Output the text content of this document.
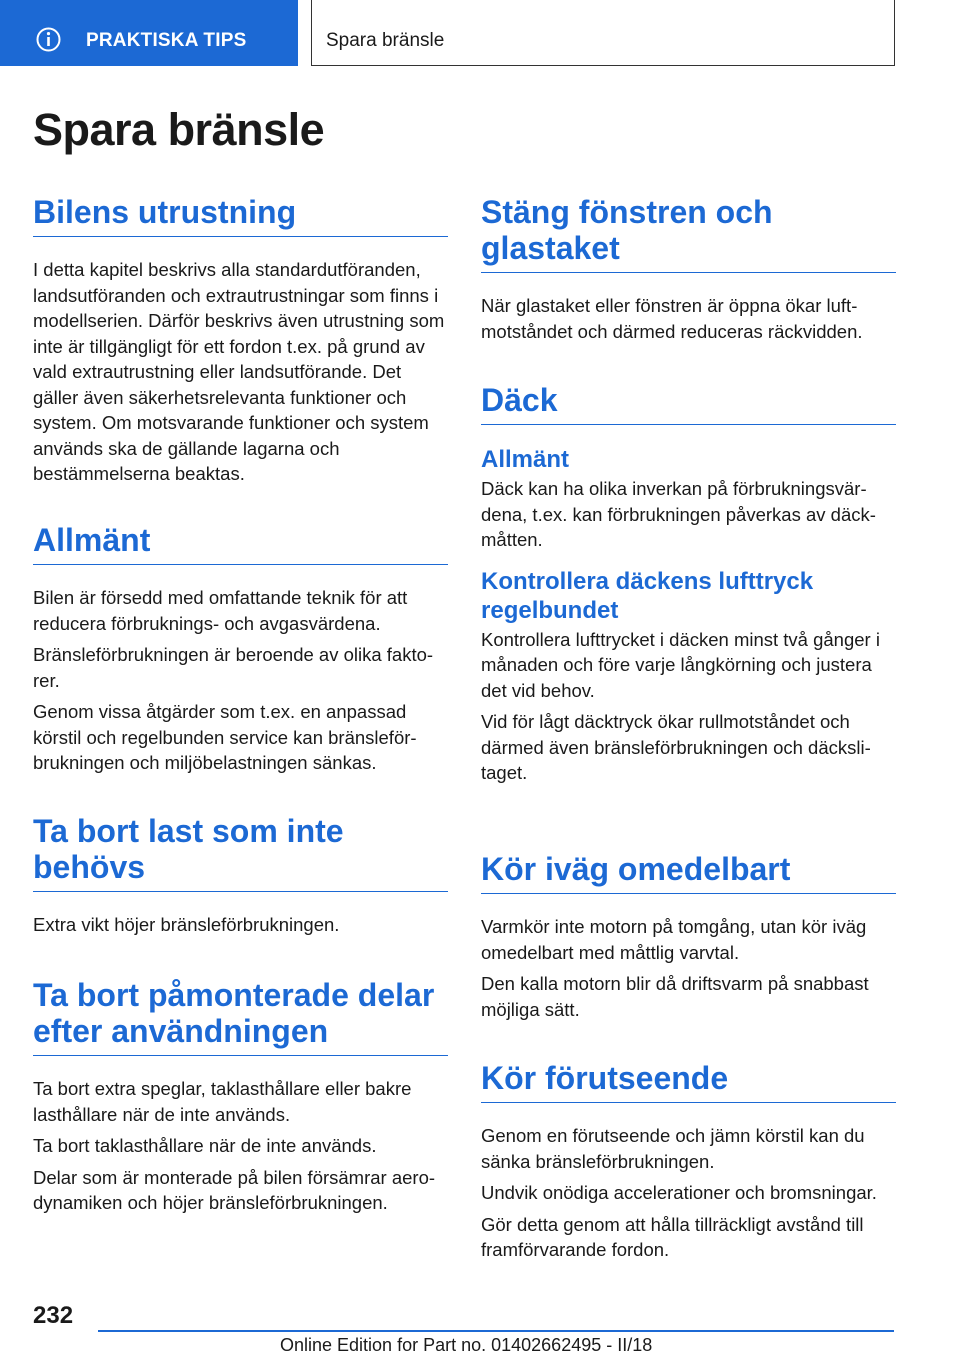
PRAKTISKA TIPS	Spara bränsle
Spara bränsle
Bilens utrustning

I detta kapitel beskrivs alla standardutföranden, landsutföranden och extrautrustningar som finns i modellserien. Därför beskrivs även utrustning som inte är tillgängligt för ett fordon t.ex. på grund av vald extrautrustning eller landsutförande. Det gäller även säkerhetsrelevanta funktioner och system. Om motsvarande funktioner och system används ska de gällande lagarna och bestämmelserna beaktas.

Allmänt

Bilen är försedd med omfattande teknik för att reducera förbruknings- och avgasvärdena.

Bränsleförbrukningen är beroende av olika faktorer.

Genom vissa åtgärder som t.ex. en anpassad körstil och regelbunden service kan bränsleförbrukningen och miljöbelastningen sänkas.

Ta bort last som inte behövs

Extra vikt höjer bränsleförbrukningen.

Ta bort påmonterade delar efter användningen

Ta bort extra speglar, taklasthållare eller bakre lasthållare när de inte används.

Ta bort taklasthållare när de inte används.

Delar som är monterade på bilen försämrar aerodynamiken och höjer bränsleförbrukningen.

Stäng fönstren och glastaket

När glastaket eller fönstren är öppna ökar luftmotståndet och därmed reduceras räckvidden.

Däck
Allmänt

Däck kan ha olika inverkan på förbrukningsvärdena, t.ex. kan förbrukningen påverkas av däckmåtten.

Kontrollera däckens lufttryck regelbundet

Kontrollera lufttrycket i däcken minst två gånger i månaden och före varje långkörning och justera det vid behov.

Vid för lågt däcktryck ökar rullmotståndet och därmed även bränsleförbrukningen och däckslitaget.

Kör iväg omedelbart

Varmkör inte motorn på tomgång, utan kör iväg omedelbart med måttlig varvtal.

Den kalla motorn blir då driftsvarm på snabbast möjliga sätt.

Kör förutseende

Genom en förutseende och jämn körstil kan du sänka bränsleförbrukningen.

Undvik onödiga accelerationer och bromsningar.

Gör detta genom att hålla tillräckligt avstånd till framförvarande fordon.

232
Online Edition for Part no. 01402662495 - II/18
